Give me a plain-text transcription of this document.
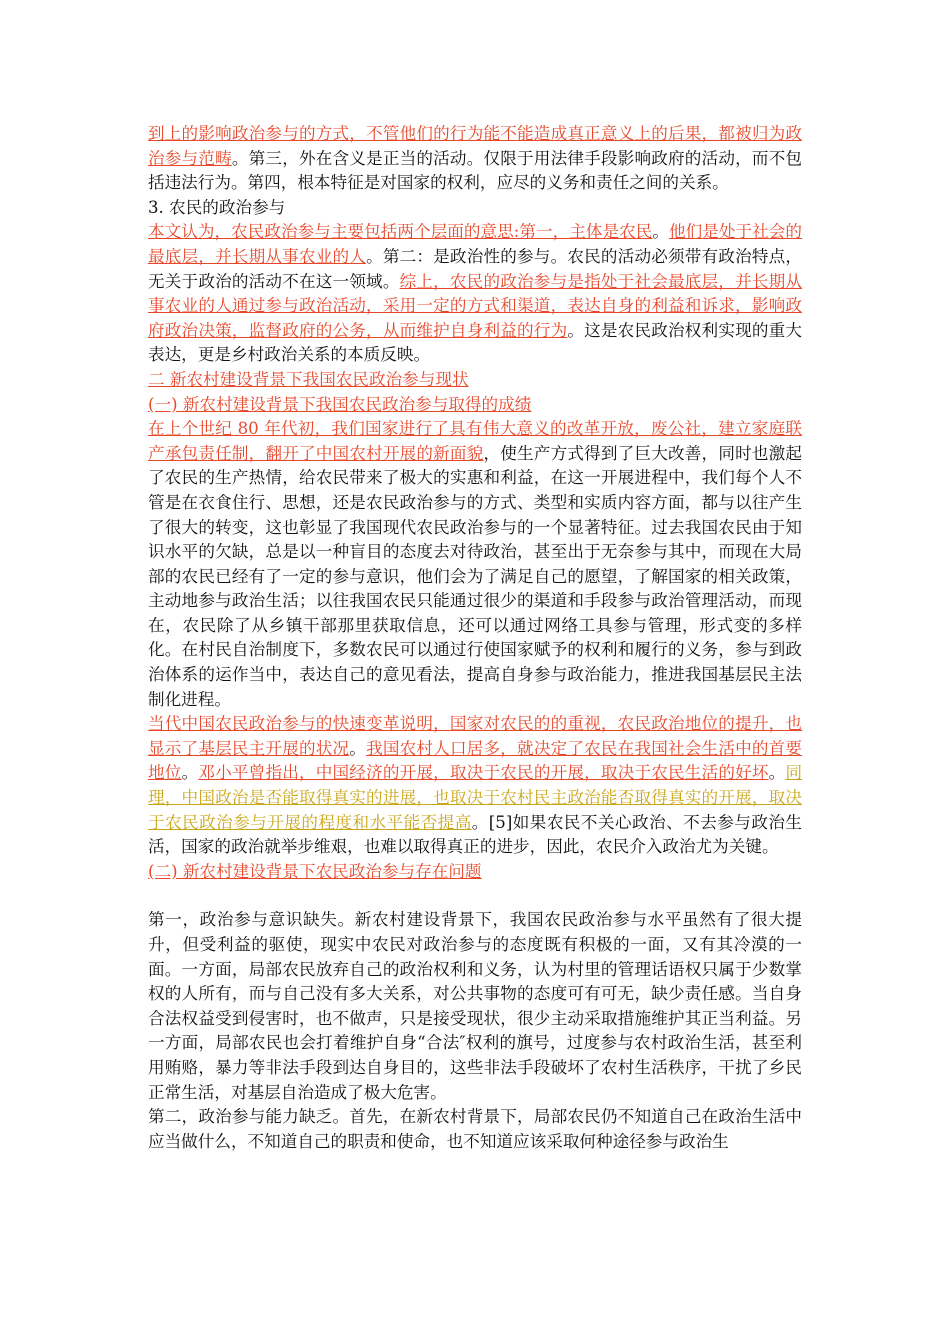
到上的影响政治参与的方式，不管他们的行为能不能造成真正意义上的后果，都被归为政治参与范畴。第三，外在含义是正当的活动。仅限于用法律手段影响政府的活动，而不包括违法行为。第四，根本特征是对国家的权利，应尽的义务和责任之间的关系。

3. 农民的政治参与

本文认为，农民政治参与主要包括两个层面的意思:第一，主体是农民。他们是处于社会的最底层，并长期从事农业的人。第二：是政治性的参与。农民的活动必须带有政治特点，无关于政治的活动不在这一领域。综上，农民的政治参与是指处于社会最底层，并长期从事农业的人通过参与政治活动，采用一定的方式和渠道，表达自身的利益和诉求，影响政府政治决策，监督政府的公务，从而维护自身利益的行为。这是农民政治权利实现的重大表达，更是乡村政治关系的本质反映。

二 新农村建设背景下我国农民政治参与现状

(一) 新农村建设背景下我国农民政治参与取得的成绩

在上个世纪 80 年代初，我们国家进行了具有伟大意义的改革开放，废公社，建立家庭联产承包责任制，翻开了中国农村开展的新面貌，使生产方式得到了巨大改善，同时也激起了农民的生产热情，给农民带来了极大的实惠和利益，在这一开展进程中，我们每个人不管是在衣食住行、思想，还是农民政治参与的方式、类型和实质内容方面，都与以往产生了很大的转变，这也彰显了我国现代农民政治参与的一个显著特征。过去我国农民由于知识水平的欠缺，总是以一种盲目的态度去对待政治，甚至出于无奈参与其中，而现在大局部的农民已经有了一定的参与意识，他们会为了满足自己的愿望，了解国家的相关政策，主动地参与政治生活；以往我国农民只能通过很少的渠道和手段参与政治管理活动，而现在，农民除了从乡镇干部那里获取信息，还可以通过网络工具参与管理，形式变的多样化。在村民自治制度下，多数农民可以通过行使国家赋予的权利和履行的义务，参与到政治体系的运作当中，表达自己的意见看法，提高自身参与政治能力，推进我国基层民主法制化进程。

当代中国农民政治参与的快速变革说明，国家对农民的的重视，农民政治地位的提升，也显示了基层民主开展的状况。我国农村人口居多，就决定了农民在我国社会生活中的首要地位。邓小平曾指出，中国经济的开展，取决于农民的开展，取决于农民生活的好坏。同理，中国政治是否能取得真实的进展，也取决于农村民主政治能否取得真实的开展，取决于农民政治参与开展的程度和水平能否提高。[5]如果农民不关心政治、不去参与政治生活，国家的政治就举步维艰，也难以取得真正的进步，因此，农民介入政治尤为关键。

(二) 新农村建设背景下农民政治参与存在问题

第一，政治参与意识缺失。新农村建设背景下，我国农民政治参与水平虽然有了很大提升，但受利益的驱使，现实中农民对政治参与的态度既有积极的一面，又有其冷漠的一面。一方面，局部农民放弃自己的政治权利和义务，认为村里的管理话语权只属于少数掌权的人所有，而与自己没有多大关系，对公共事物的态度可有可无，缺少责任感。当自身合法权益受到侵害时，也不做声，只是接受现状，很少主动采取措施维护其正当利益。另一方面，局部农民也会打着维护自身“合法″权利的旗号，过度参与农村政治生活，甚至利用贿赂，暴力等非法手段到达自身目的，这些非法手段破坏了农村生活秩序，干扰了乡民正常生活，对基层自治造成了极大危害。

第二，政治参与能力缺乏。首先，在新农村背景下，局部农民仍不知道自己在政治生活中应当做什么，不知道自己的职责和使命，也不知道应该采取何种途径参与政治生
